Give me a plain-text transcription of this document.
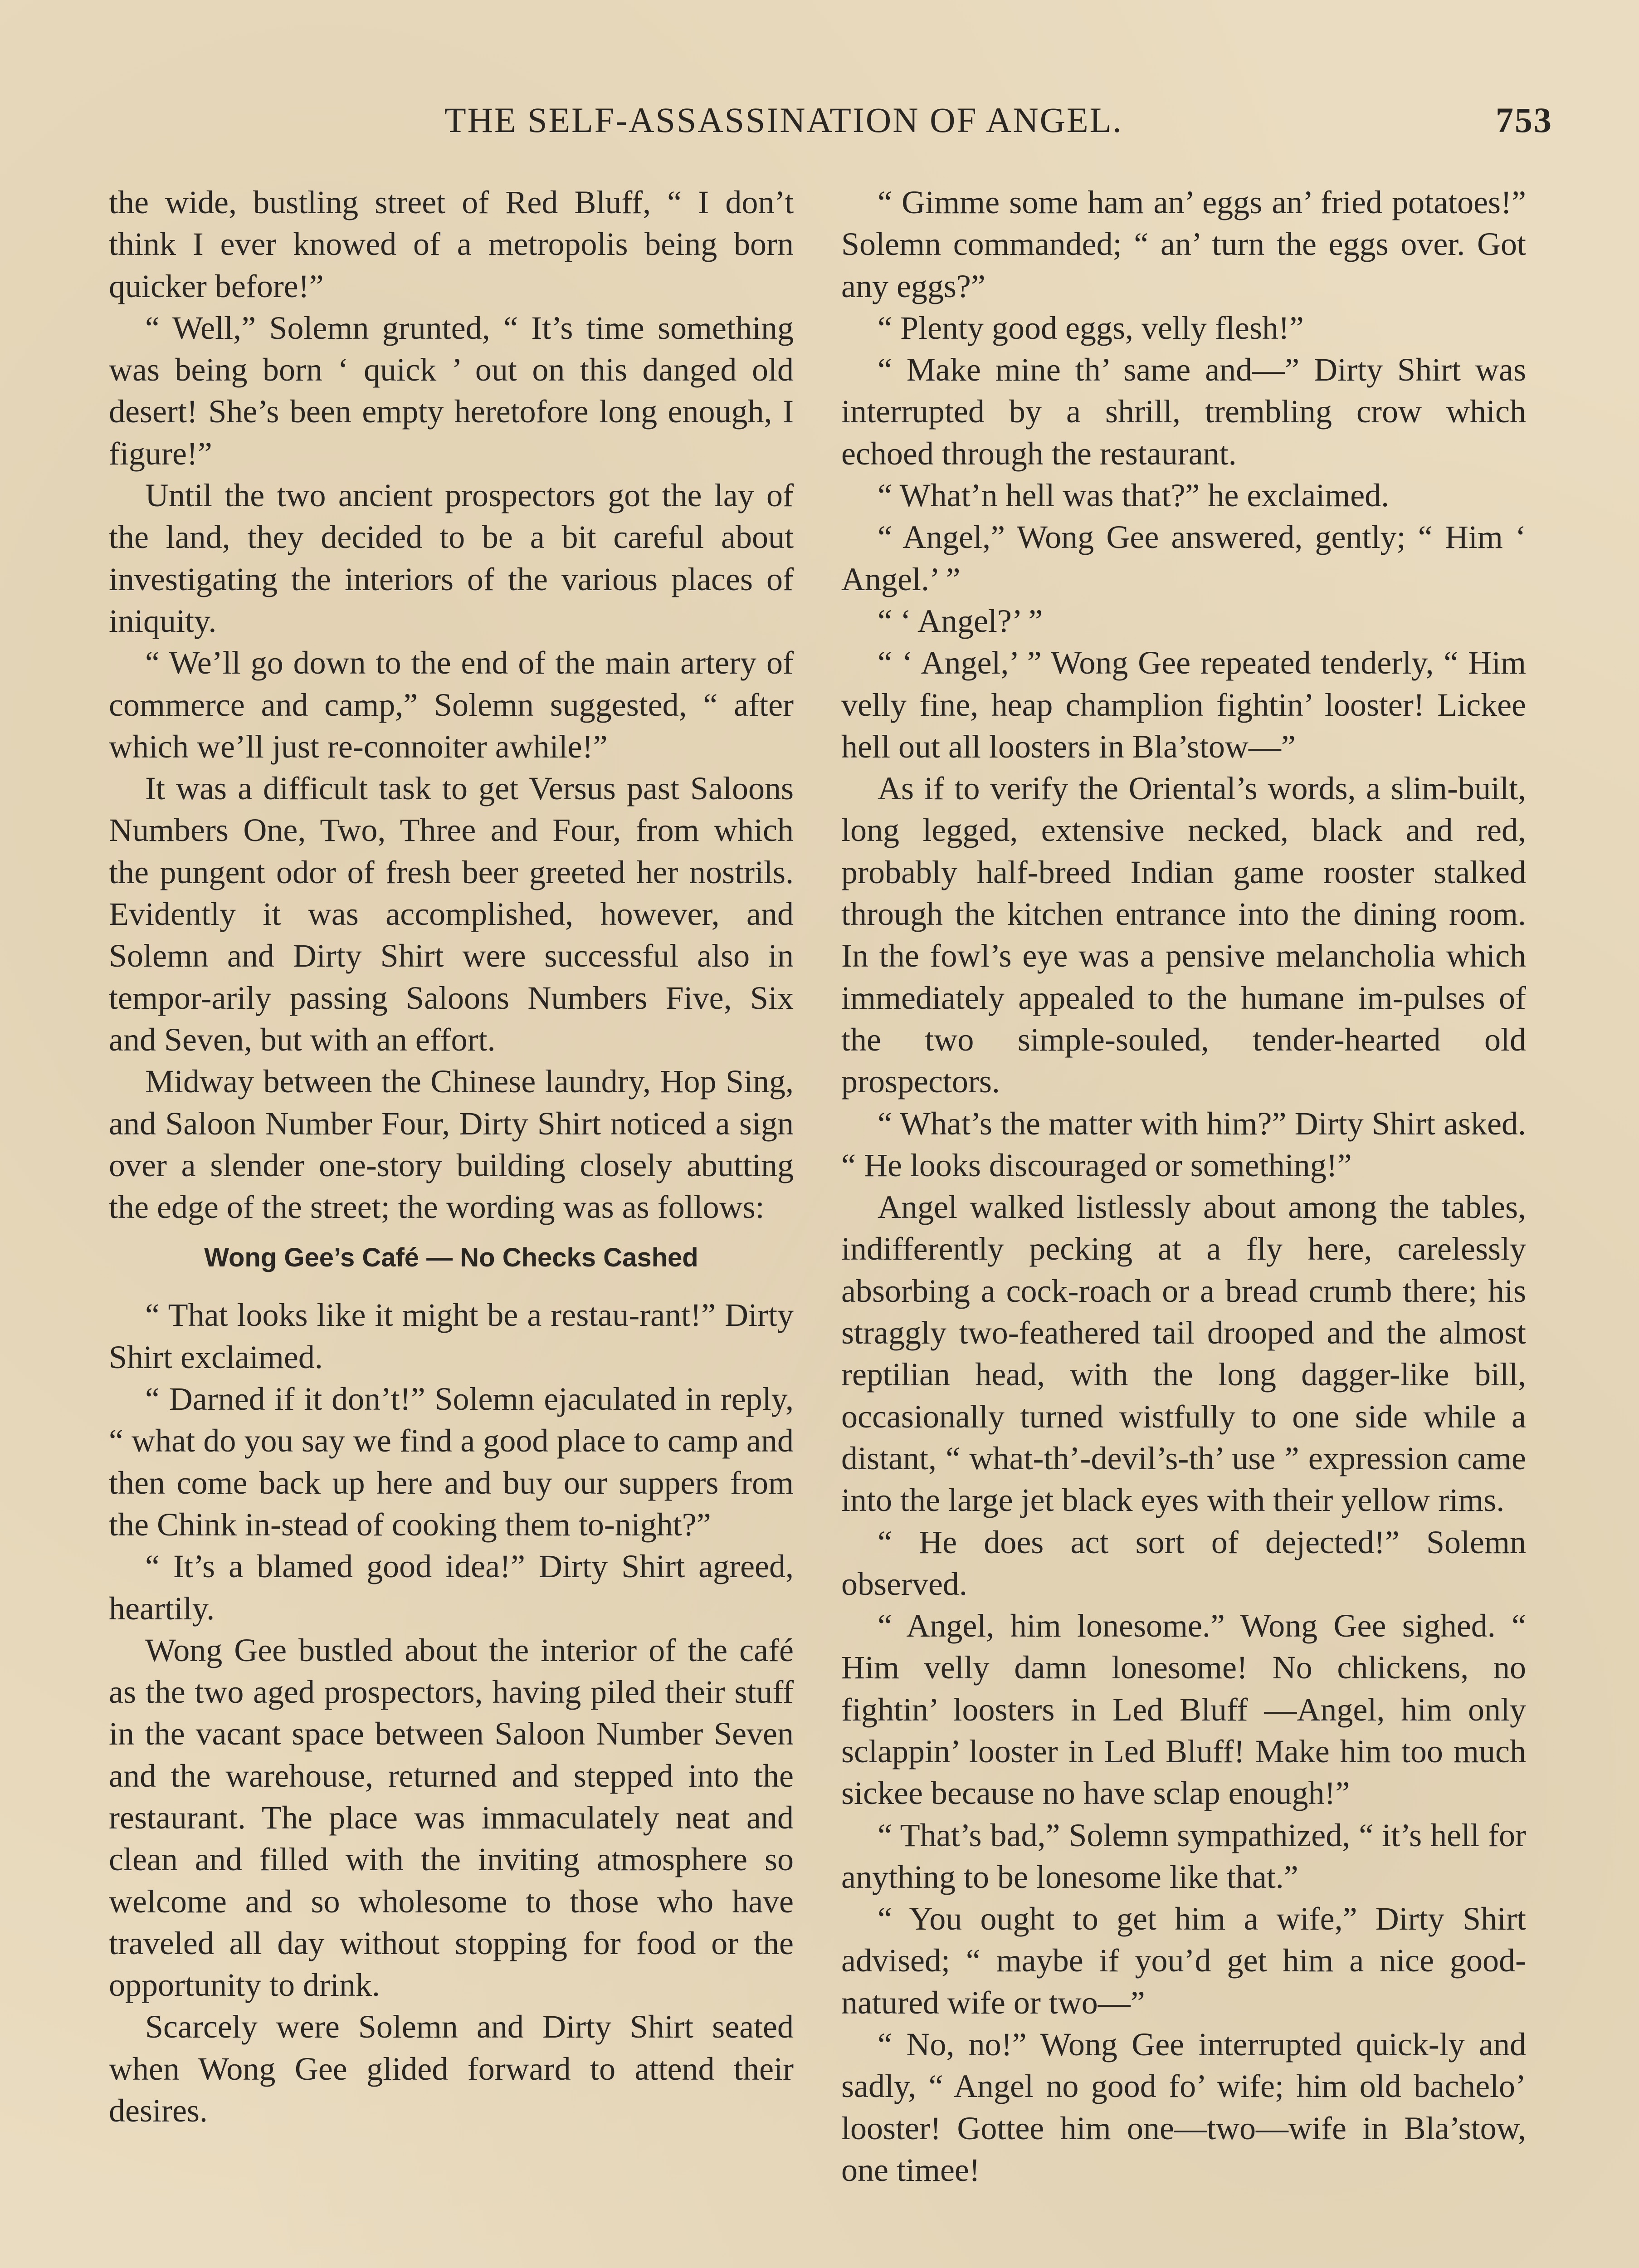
THE SELF-ASSASSINATION OF ANGEL.	753

the wide, bustling street of Red Bluff, “ I don’t think I ever knowed of a metropolis being born quicker before!”

“ Well,” Solemn grunted, “ It’s time something was being born ‘ quick ’ out on this danged old desert! She’s been empty heretofore long enough, I figure!”

Until the two ancient prospectors got the lay of the land, they decided to be a bit careful about investigating the interiors of the various places of iniquity.

“ We’ll go down to the end of the main artery of commerce and camp,” Solemn suggested, “ after which we’ll just re-connoiter awhile!”

It was a difficult task to get Versus past Saloons Numbers One, Two, Three and Four, from which the pungent odor of fresh beer greeted her nostrils. Evidently it was accomplished, however, and Solemn and Dirty Shirt were successful also in tempor-arily passing Saloons Numbers Five, Six and Seven, but with an effort.

Midway between the Chinese laundry, Hop Sing, and Saloon Number Four, Dirty Shirt noticed a sign over a slender one-story building closely abutting the edge of the street; the wording was as follows:

Wong Gee’s Café — No Checks Cashed

“ That looks like it might be a restau-rant!” Dirty Shirt exclaimed.

“ Darned if it don’t!” Solemn ejaculated in reply, “ what do you say we find a good place to camp and then come back up here and buy our suppers from the Chink in-stead of cooking them to-night?”

“ It’s a blamed good idea!” Dirty Shirt agreed, heartily.

Wong Gee bustled about the interior of the café as the two aged prospectors, having piled their stuff in the vacant space between Saloon Number Seven and the warehouse, returned and stepped into the restaurant. The place was immaculately neat and clean and filled with the inviting atmosphere so welcome and so wholesome to those who have traveled all day without stopping for food or the opportunity to drink.

Scarcely were Solemn and Dirty Shirt seated when Wong Gee glided forward to attend their desires.

“ Gimme some ham an’ eggs an’ fried potatoes!” Solemn commanded; “ an’ turn the eggs over. Got any eggs?”

“ Plenty good eggs, velly flesh!”

“ Make mine th’ same and—” Dirty Shirt was interrupted by a shrill, trembling crow which echoed through the restaurant.

“ What’n hell was that?” he exclaimed.

“ Angel,” Wong Gee answered, gently; “ Him ‘ Angel.’ ”

“ ‘ Angel?’ ”

“ ‘ Angel,’ ” Wong Gee repeated tenderly, “ Him velly fine, heap champlion fightin’ looster! Lickee hell out all loosters in Bla’stow—”

As if to verify the Oriental’s words, a slim-built, long legged, extensive necked, black and red, probably half-breed Indian game rooster stalked through the kitchen entrance into the dining room. In the fowl’s eye was a pensive melancholia which immediately appealed to the humane im-pulses of the two simple-souled, tender-hearted old prospectors.

“ What’s the matter with him?” Dirty Shirt asked. “ He looks discouraged or something!”

Angel walked listlessly about among the tables, indifferently pecking at a fly here, carelessly absorbing a cock-roach or a bread crumb there; his straggly two-feathered tail drooped and the almost reptilian head, with the long dagger-like bill, occasionally turned wistfully to one side while a distant, “ what-th’-devil’s-th’ use ” expression came into the large jet black eyes with their yellow rims.

“ He does act sort of dejected!” Solemn observed.

“ Angel, him lonesome.” Wong Gee sighed. “ Him velly damn lonesome! No chlickens, no fightin’ loosters in Led Bluff —Angel, him only sclappin’ looster in Led Bluff! Make him too much sickee because no have sclap enough!”

“ That’s bad,” Solemn sympathized, “ it’s hell for anything to be lonesome like that.”

“ You ought to get him a wife,” Dirty Shirt advised; “ maybe if you’d get him a nice good-natured wife or two—”

“ No, no!” Wong Gee interrupted quick-ly and sadly, “ Angel no good fo’ wife; him old bachelo’ looster! Gottee him one—two—wife in Bla’stow, one timee!
